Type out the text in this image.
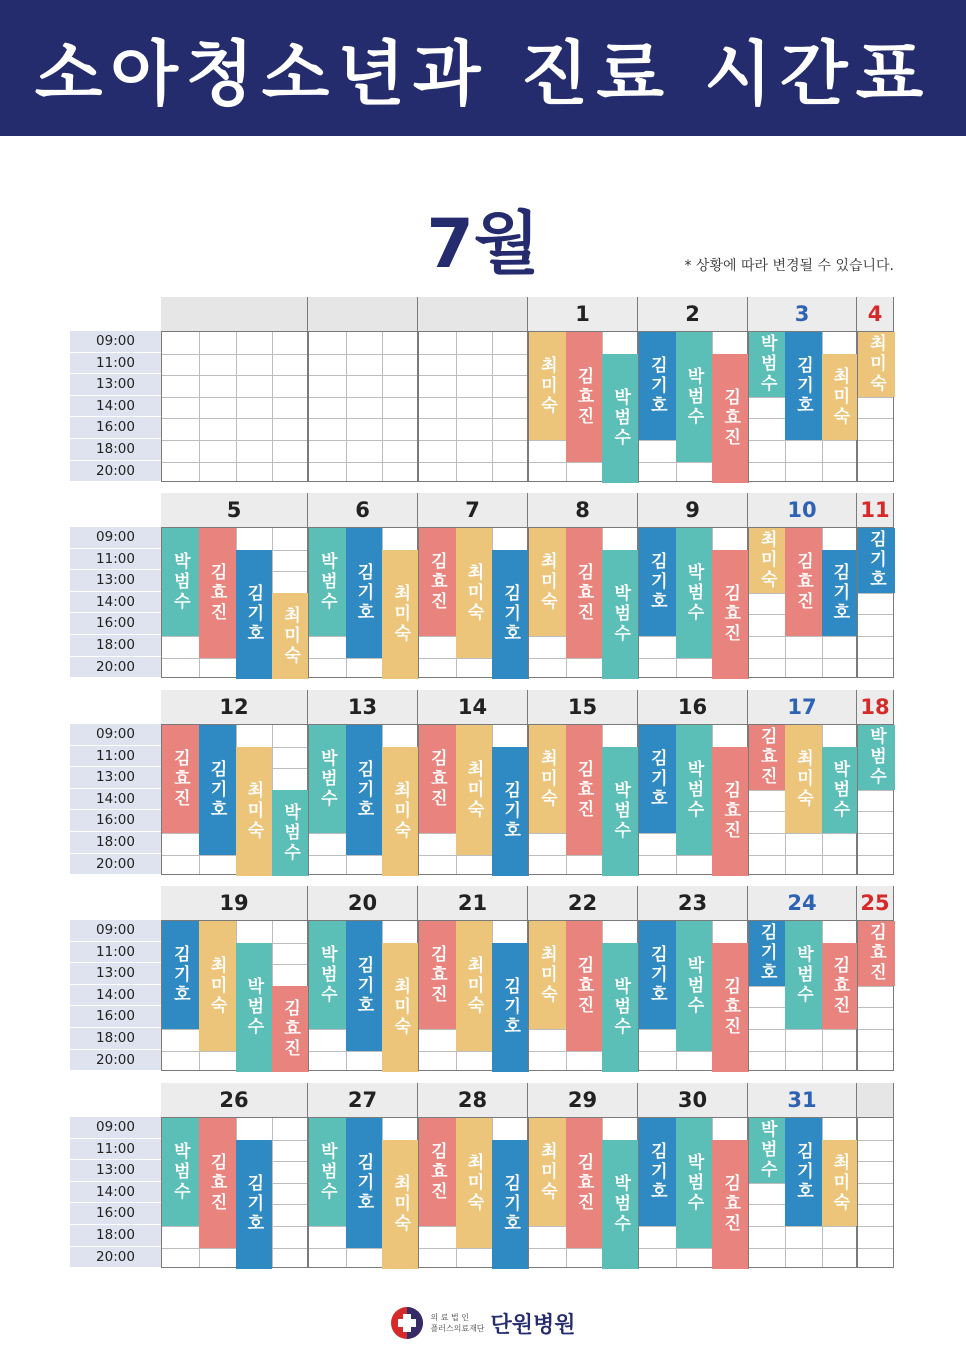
소아청소년과 진료 시간표
7월	* 상황에 따라 변경될 수 있습니다.
09:00
11:00
13:00
14:00
16:00
18:00
20:00
1
최미숙 김효진 박범수
2
김기호 박범수 김효진
3
박범수 김기호 최미숙
4
최미숙
09:00
11:00
13:00
14:00
16:00
18:00
20:00
5
박범수 김효진 김기호 최미숙
6
박범수 김기호 최미숙
7
김효진 최미숙 김기호
8
최미숙 김효진 박범수
9
김기호 박범수 김효진
10
최미숙 김효진 김기호
11
김기호
09:00
11:00
13:00
14:00
16:00
18:00
20:00
12
김효진 김기호 최미숙 박범수
13
박범수 김기호 최미숙
14
김효진 최미숙 김기호
15
최미숙 김효진 박범수
16
김기호 박범수 김효진
17
김효진 최미숙 박범수
18
박범수
09:00
11:00
13:00
14:00
16:00
18:00
20:00
19
김기호 최미숙 박범수 김효진
20
박범수 김기호 최미숙
21
김효진 최미숙 김기호
22
최미숙 김효진 박범수
23
김기호 박범수 김효진
24
김기호 박범수 김효진
25
김효진
09:00
11:00
13:00
14:00
16:00
18:00
20:00
26
박범수 김효진 김기호
27
박범수 김기호 최미숙
28
김효진 최미숙 김기호
29
최미숙 김효진 박범수
30
김기호 박범수 김효진
31
박범수 김기호 최미숙
의 료 법 인
플러스의료재단 단원병원
